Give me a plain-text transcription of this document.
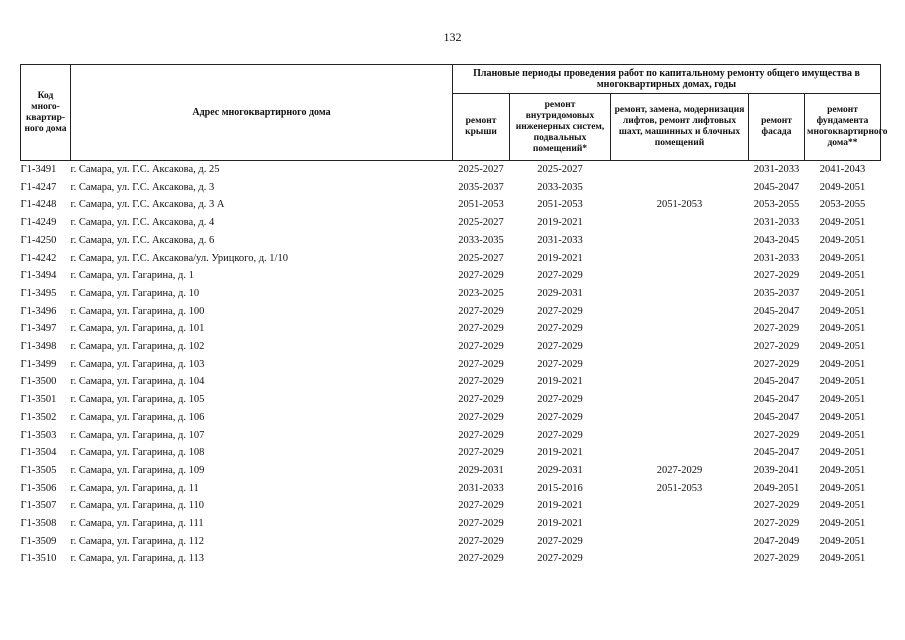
132
Код много-квартир-ного дома	Адрес многоквартирного дома	Плановые периоды проведения работ по капитальному ремонту общего имущества в многоквартирных домах, годы				
		ремонт крыши	ремонт внутридомовых инженерных систем, подвальных помещений*	ремонт, замена, модернизация лифтов, ремонт лифтовых шахт, машинных и блочных помещений	ремонт фасада	ремонт фундамента многоквартирного дома**
Г1-3491	г. Самара, ул. Г.С. Аксакова, д. 25	2025-2027	2025-2027		2031-2033	2041-2043
Г1-4247	г. Самара, ул. Г.С. Аксакова, д. 3	2035-2037	2033-2035		2045-2047	2049-2051
Г1-4248	г. Самара, ул. Г.С. Аксакова, д. 3 А	2051-2053	2051-2053	2051-2053	2053-2055	2053-2055
Г1-4249	г. Самара, ул. Г.С. Аксакова, д. 4	2025-2027	2019-2021		2031-2033	2049-2051
Г1-4250	г. Самара, ул. Г.С. Аксакова, д. 6	2033-2035	2031-2033		2043-2045	2049-2051
Г1-4242	г. Самара, ул. Г.С. Аксакова/ул. Урицкого, д. 1/10	2025-2027	2019-2021		2031-2033	2049-2051
Г1-3494	г. Самара, ул. Гагарина, д. 1	2027-2029	2027-2029		2027-2029	2049-2051
Г1-3495	г. Самара, ул. Гагарина, д. 10	2023-2025	2029-2031		2035-2037	2049-2051
Г1-3496	г. Самара, ул. Гагарина, д. 100	2027-2029	2027-2029		2045-2047	2049-2051
Г1-3497	г. Самара, ул. Гагарина, д. 101	2027-2029	2027-2029		2027-2029	2049-2051
Г1-3498	г. Самара, ул. Гагарина, д. 102	2027-2029	2027-2029		2027-2029	2049-2051
Г1-3499	г. Самара, ул. Гагарина, д. 103	2027-2029	2027-2029		2027-2029	2049-2051
Г1-3500	г. Самара, ул. Гагарина, д. 104	2027-2029	2019-2021		2045-2047	2049-2051
Г1-3501	г. Самара, ул. Гагарина, д. 105	2027-2029	2027-2029		2045-2047	2049-2051
Г1-3502	г. Самара, ул. Гагарина, д. 106	2027-2029	2027-2029		2045-2047	2049-2051
Г1-3503	г. Самара, ул. Гагарина, д. 107	2027-2029	2027-2029		2027-2029	2049-2051
Г1-3504	г. Самара, ул. Гагарина, д. 108	2027-2029	2019-2021		2045-2047	2049-2051
Г1-3505	г. Самара, ул. Гагарина, д. 109	2029-2031	2029-2031	2027-2029	2039-2041	2049-2051
Г1-3506	г. Самара, ул. Гагарина, д. 11	2031-2033	2015-2016	2051-2053	2049-2051	2049-2051
Г1-3507	г. Самара, ул. Гагарина, д. 110	2027-2029	2019-2021		2027-2029	2049-2051
Г1-3508	г. Самара, ул. Гагарина, д. 111	2027-2029	2019-2021		2027-2029	2049-2051
Г1-3509	г. Самара, ул. Гагарина, д. 112	2027-2029	2027-2029		2047-2049	2049-2051
Г1-3510	г. Самара, ул. Гагарина, д. 113	2027-2029	2027-2029		2027-2029	2049-2051
